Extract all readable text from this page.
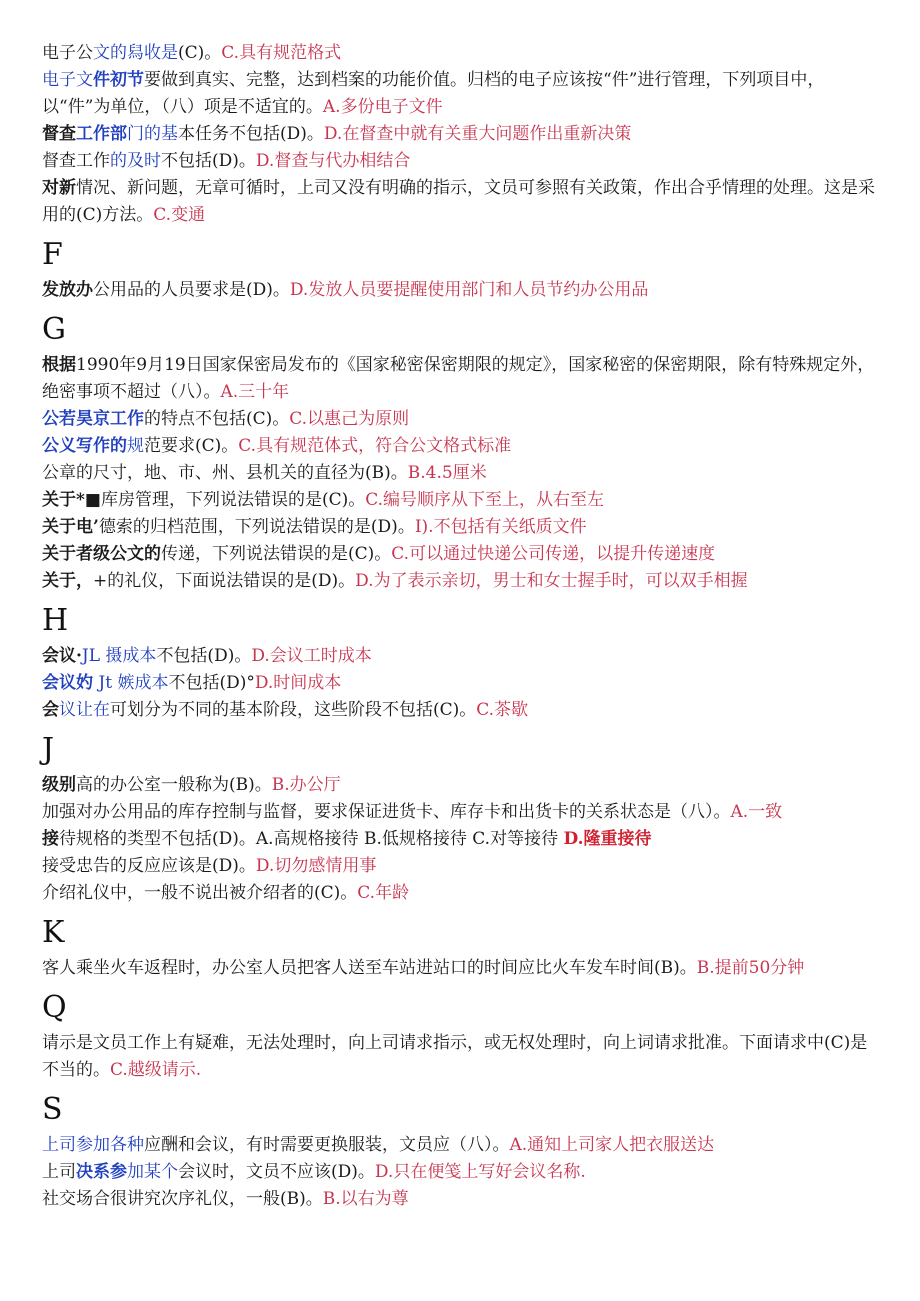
电子公文的舄收是(C)。C.具有规范格式
电子文件初节要做到真实、完整，达到档案的功能价值。归档的电子应该按“件”进行管理，下列项目中，以“件”为单位，（八）项是不适宜的。A.多份电子文件
督查工作部门的基本任务不包括(D)。D.在督查中就有关重大问题作出重新决策
督查工作的及时不包括(D)。D.督查与代办相结合
对新情况、新问题，无章可循时，上司又没有明确的指示，文员可参照有关政策，作出合乎情理的处理。这是采用的(C)方法。C.变通
F
发放办公用品的人员要求是(D)。D.发放人员要提醒使用部门和人员节约办公用品
G
根据1990年9月19日国家保密局发布的《国家秘密保密期限的规定》，国家秘密的保密期限，除有特殊规定外，绝密事项不超过（八）。A.三十年
公若昊京工作的特点不包括(C)。C.以惠己为原则
公义写作的规范要求(C)。C.具有规范体式，符合公文格式标准
公章的尺寸，地、市、州、县机关的直径为(B)。B.4.5厘米
关于*■库房管理，下列说法错误的是(C)。C.编号顺序从下至上，从右至左
关于电’德索的归档范围，下列说法错误的是(D)。I).不包括有关纸质文件
关于者级公文的传递，下列说法错误的是(C)。C.可以通过快递公司传递，以提升传递速度
关于，+的礼仪，下面说法错误的是(D)。D.为了表示亲切，男士和女士握手时，可以双手相握
H
会议·JL 摄成本不包括(D)。D.会议工时成本
会议妁 Jt 嫉成本不包括(D)°D.时间成本
会议让在可划分为不同的基本阶段，这些阶段不包括(C)。C.茶歇
J
级别高的办公室一般称为(B)。B.办公厅
加强对办公用品的库存控制与监督，要求保证进货卡、库存卡和出货卡的关系状态是（八）。A.一致
接待规格的类型不包括(D)。A.高规格接待 B.低规格接待 C.对等接待 D.隆重接待
接受忠告的反应应该是(D)。D.切勿感情用事
介绍礼仪中，一般不说出被介绍者的(C)。C.年龄
K
客人乘坐火车返程时，办公室人员把客人送至车站进站口的时间应比火车发车时间(B)。B.提前50分钟
Q
请示是文员工作上有疑难，无法处理时，向上司请求指示，或无权处理时，向上词请求批准。下面请求中(C)是不当的。C.越级请示.
S
上司参加各种应酬和会议，有时需要更换服装，文员应（八）。A.通知上司家人把衣服送达
上司决系参加某个会议时，文员不应该(D)。D.只在便笺上写好会议名称.
社交场合很讲究次序礼仪，一般(B)。B.以右为尊
